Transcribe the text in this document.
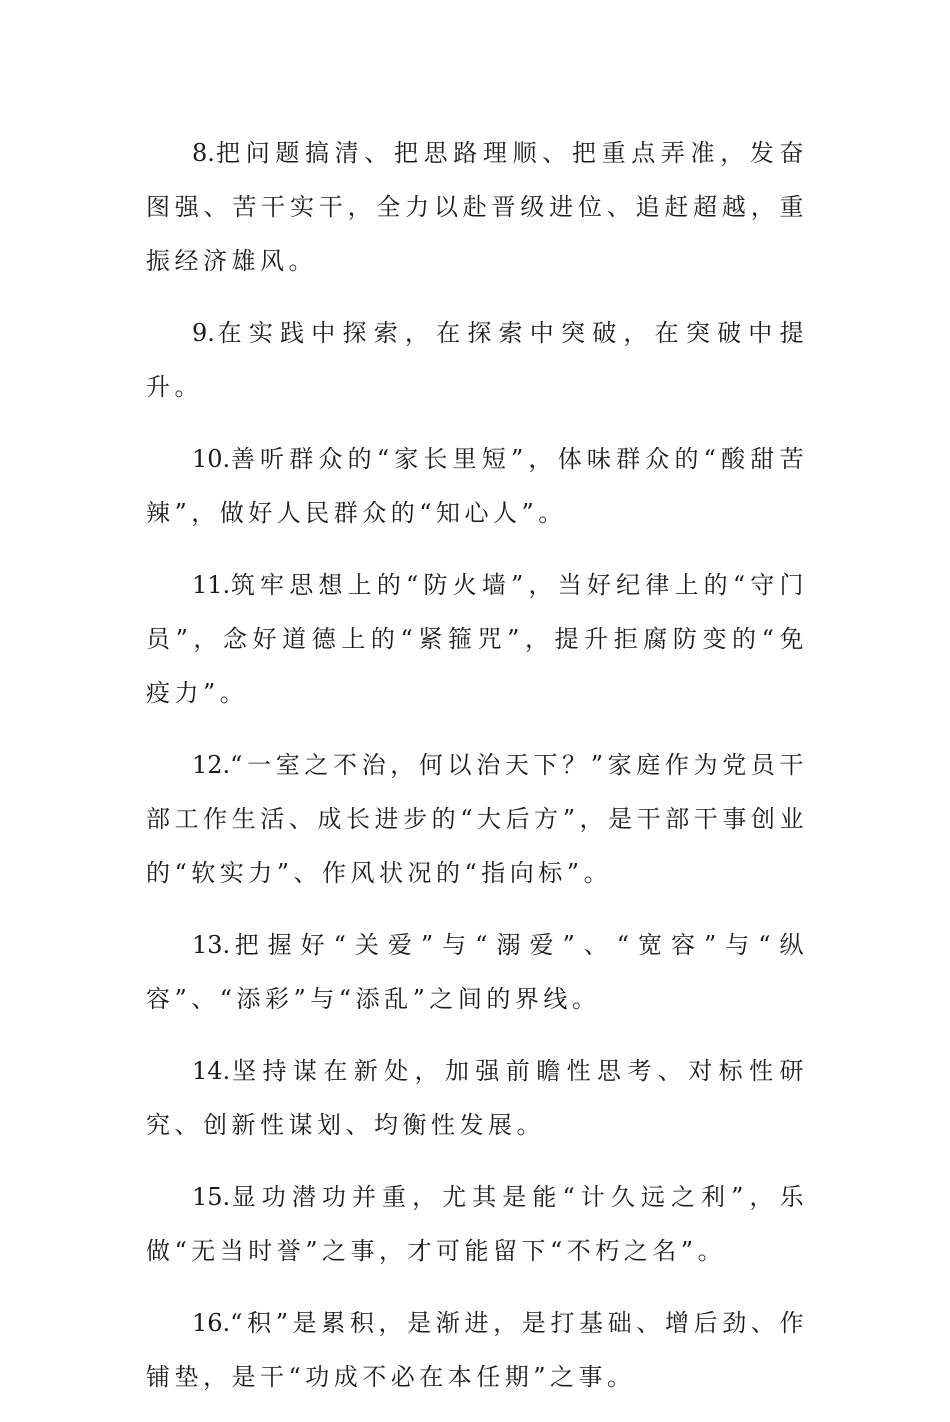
8.把问题搞清、把思路理顺、把重点弄准，发奋图强、苦干实干，全力以赴晋级进位、追赶超越，重振经济雄风。

9.在实践中探索，在探索中突破，在突破中提升。

10.善听群众的“家长里短”，体味群众的“酸甜苦辣”，做好人民群众的“知心人”。

11.筑牢思想上的“防火墙”，当好纪律上的“守门员”，念好道德上的“紧箍咒”，提升拒腐防变的“免疫力”。

12.“一室之不治，何以治天下？”家庭作为党员干部工作生活、成长进步的“大后方”，是干部干事创业的“软实力”、作风状况的“指向标”。

13.把握好“关爱”与“溺爱”、“宽容”与“纵容”、“添彩”与“添乱”之间的界线。

14.坚持谋在新处，加强前瞻性思考、对标性研究、创新性谋划、均衡性发展。

15.显功潜功并重，尤其是能“计久远之利”，乐做“无当时誉”之事，才可能留下“不朽之名”。

16.“积”是累积，是渐进，是打基础、增后劲、作铺垫，是干“功成不必在本任期”之事。
